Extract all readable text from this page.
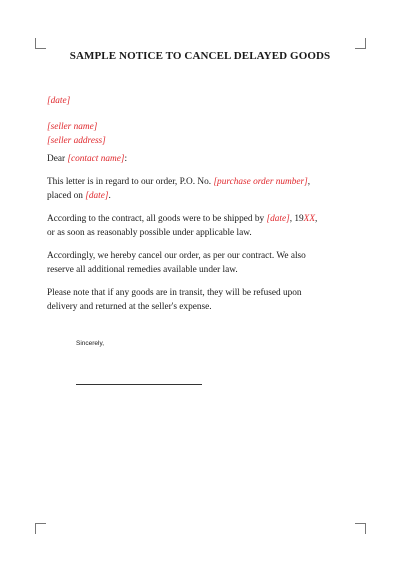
SAMPLE NOTICE TO CANCEL DELAYED GOODS
[date]
[seller name]
[seller address]

Dear [contact name]:

This letter is in regard to our order, P.O. No. [purchase order number],
placed on [date].

According to the contract, all goods were to be shipped by [date], 19XX,
or as soon as reasonably possible under applicable law.

Accordingly, we hereby cancel our order, as per our contract. We also
reserve all additional remedies available under law.

Please note that if any goods are in transit, they will be refused upon
delivery and returned at the seller's expense.

Sincerely,
